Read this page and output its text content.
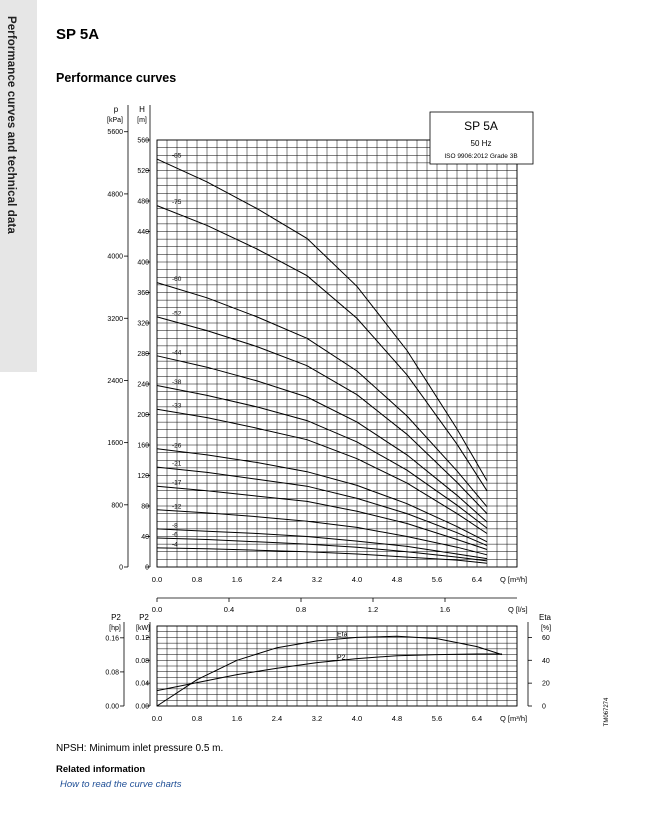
Performance curves and technical data	SP 5A
Performance curves
SP 5A
50 Hz
ISO 9906:2012 Grade 3B
H
[m]
0
40
80
120
160
200
240
280
320
360
400
440
480
520
560
p
[kPa]
0
800
1600
2400
3200
4000
4800
5600
0.0	0.8	1.6	2.4	3.2	4.0	4.8	5.6	6.4 Q [m³/h]
-85
-75
-60
-52
-44
-38
-33
-26
-21
-17
-12
-8
-6
-4
0.0	0.4	0.8	1.2	1.6	Q [l/s]
P2
[kW]
0.00
0.04
0.08
0.12
P2
[hp]
0.00
0.08
0.16
Eta
[%]
0
20
40
60
0.0	0.8	1.6	2.4	3.2	4.0	4.8	5.6	6.4 Q [m³/h]
Eta
P2
TM067274
NPSH: Minimum inlet pressure 0.5 m.
Related information
How to read the curve charts
